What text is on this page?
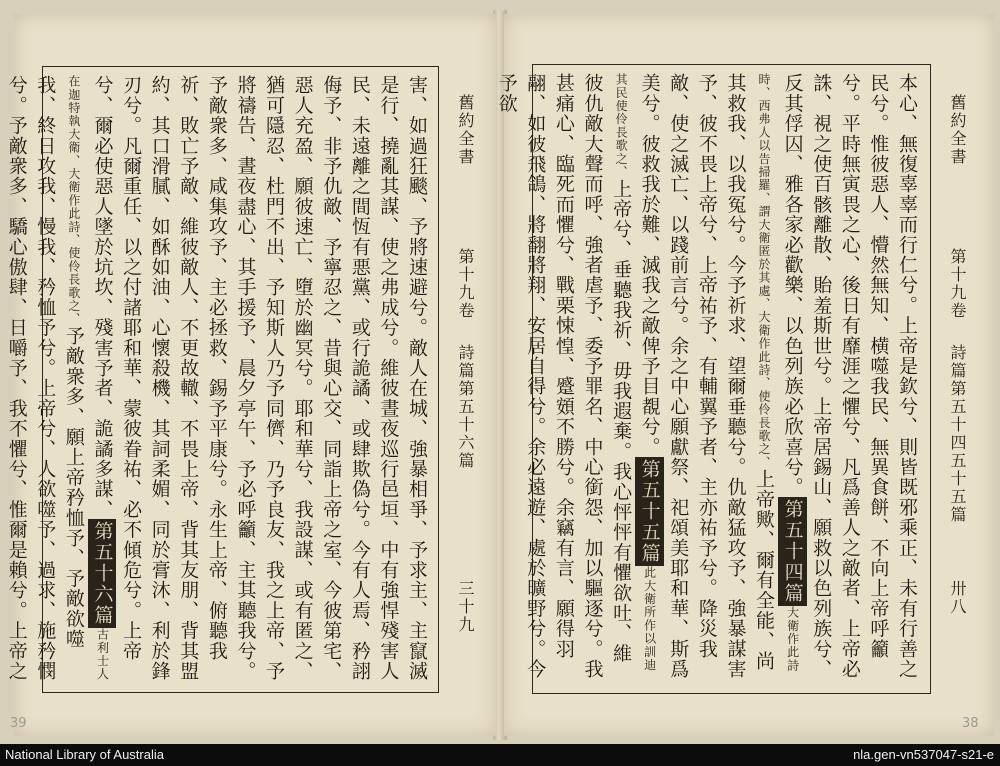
害、如過狂颷、予將速避兮。敵人在城、強暴相爭、予求主、主竄滅是行、撓亂其謀、使之弗成兮。維彼晝夜巡行邑垣、中有強悍殘害人民、未遠離之間恆有悪黨、或行詭譎、或肆欺偽兮。今有人焉、矜詡侮予、非予仇敵、予寧忍之、昔與心交、同詣上帝之室、今彼第宅、惡人充盈、願彼速亡、墮於幽冥兮。耶和華兮、我設謀、或有匿之、猶可隱忍、杜門不出、予知斯人乃予同儕、乃予良友、我之上帝、予將禱告、晝夜盡心、其手援予、晨夕亭午、予必呼籲、主其聽我兮。予敵衆多、咸集攻予、主必拯救、錫予平康兮。永生上帝、俯聽我祈、敗亡予敵、維彼敵人、不更故轍、不畏上帝、背其友朋、背其盟約、其口滑膩、如酥如油、心懷殺機、其詞柔媚、同於膏沐、利於鋒刃兮。凡爾重任、以之付諸耶和華、蒙彼眷祐、必不傾危兮。上帝兮、爾必使惡人墜於坑坎、殘害予者、詭譎多謀、第五十六篇古利士人在迦特執大衛、大衛作此詩、使伶長歌之、予敵衆多、願上帝矜恤予、予敵欲噬我、終日攻我、慢我、矜恤予兮。上帝兮、人欲噬予、過求、施矜憫兮。予敵衆多、驕心傲肆、日嚼予、我不懼兮、惟爾是賴兮。上帝之
舊約全書
第十九卷
詩篇第五十六篇
三十九
本心、無復辜辜而行仁兮。上帝是欽兮、則皆既邪乘正、未有行善之民兮。惟彼惡人、懵然無知、横噬我民、無異食餅、不向上帝呼籲兮。平時無寅畏之心、後日有靡涯之懼兮、凡爲善人之敵者、上帝必誅、視之使百骸離散、貽羞斯世兮。上帝居錫山、願救以色列族兮、反其俘囚、雅各家必歡樂、以色列族必欣喜兮。第五十四篇大衛作此詩時、西弗人以告掃羅、謂大衛匿於其處、大衛作此詩、使伶長歌之、上帝歟、爾有全能、尚其救我、以我冤兮。今予祈求、望爾垂聽兮。仇敵猛攻予、強暴謀害予、彼不畏上帝兮、上帝祐予、有輔翼予者、主亦祐予兮。降災我敵、使之滅亡、以踐前言兮。余之中心願獻祭、祀頌美耶和華、斯爲美兮。彼救我於難、滅我之敵俾予目覩兮。第五十五篇此大衛所作以訓迪其民使伶長歌之、上帝兮、垂聽我祈、毋我遐棄。我心怦怦有懼欲吐、維彼仇敵大聲而呼、強者虐予、委予罪名、中心銜怨、加以驅逐兮。我甚痛心、臨死而懼兮、戰栗悚惶、蹙頞不勝兮。余竊有言、願得羽翮、如彼飛鴿、將翻將翔、安居自得兮。余必遠遊、處於曠野兮。今予欲
舊約全書
第十九卷
詩篇第五十四五十五篇
卅八
39	38
National Library of Australia	nla.gen-vn537047-s21-e
